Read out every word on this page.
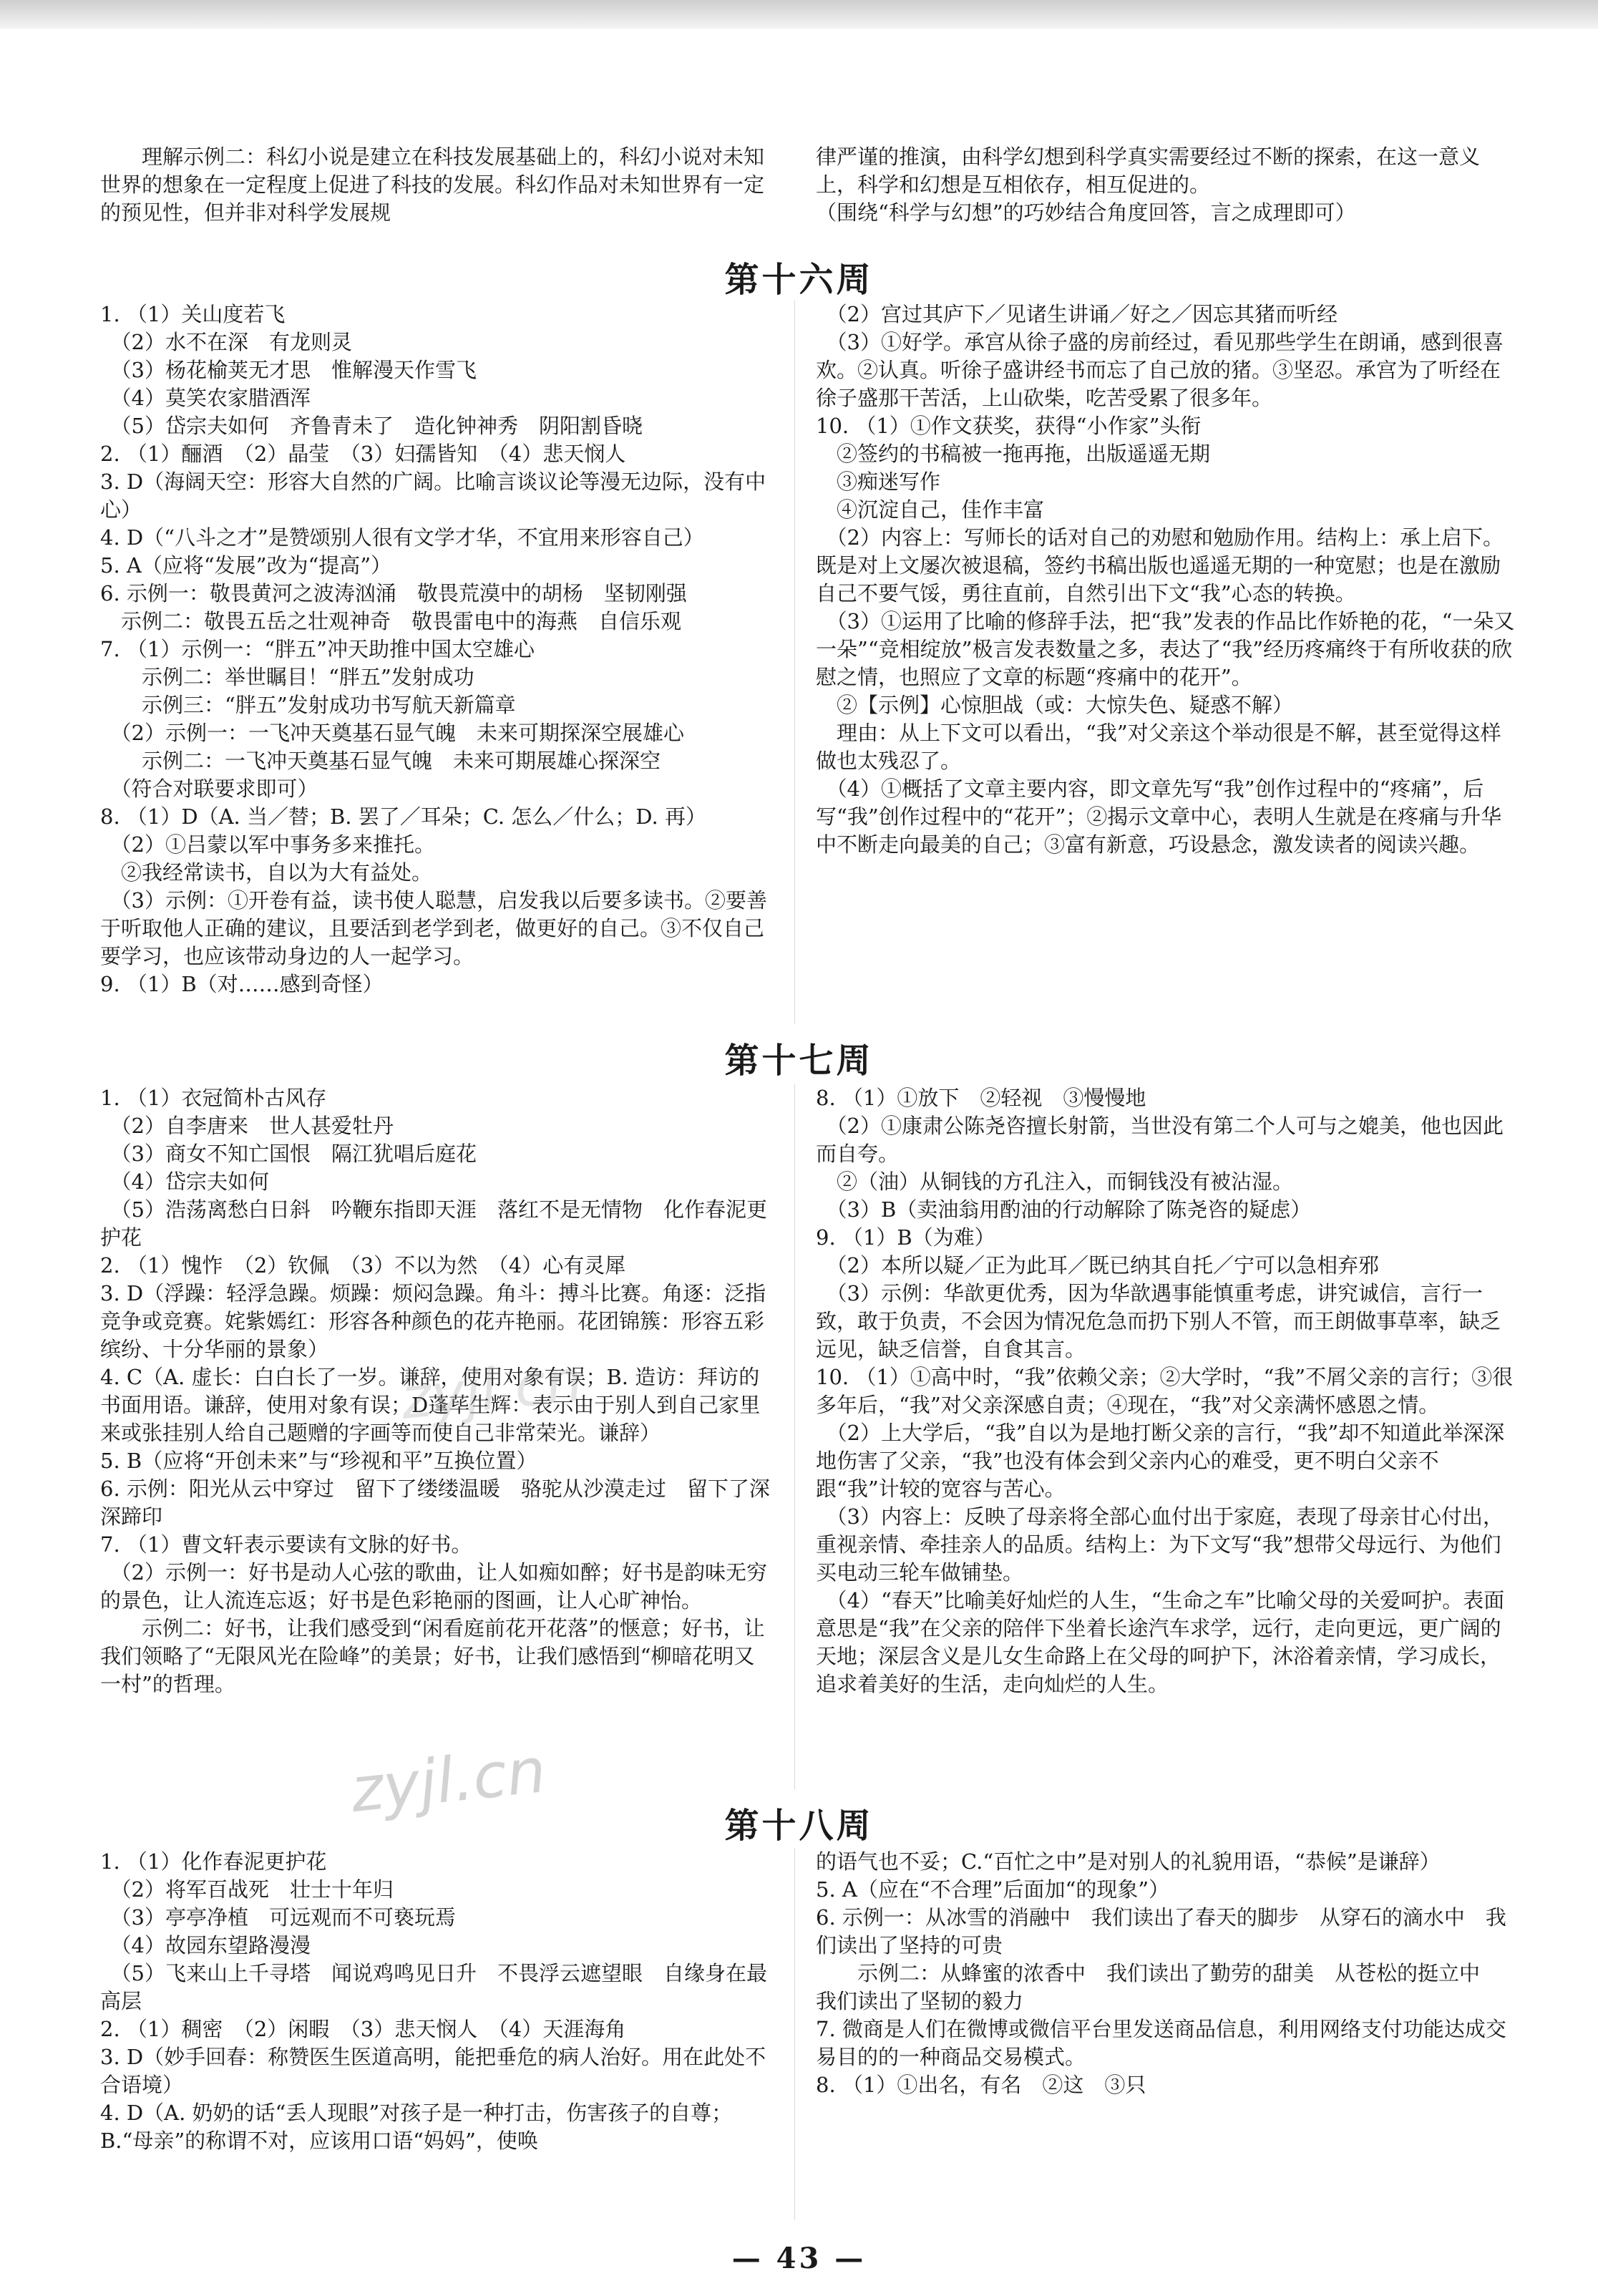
　　理解示例二：科幻小说是建立在科技发展基础上的，科幻小说对未知世界的想象在一定程度上促进了科技的发展。科幻作品对未知世界有一定的预见性，但并非对科学发展规

律严谨的推演，由科学幻想到科学真实需要经过不断的探索，在这一意义上，科学和幻想是互相依存，相互促进的。

（围绕“科学与幻想”的巧妙结合角度回答，言之成理即可）

第十六周

1. （1）关山度若飞

　（2）水不在深　有龙则灵

　（3）杨花榆荚无才思　惟解漫天作雪飞

　（4）莫笑农家腊酒浑

　（5）岱宗夫如何　齐鲁青未了　造化钟神秀　阴阳割昏晓

2. （1）酾酒　（2）晶莹　（3）妇孺皆知　（4）悲天悯人

3. D（海阔天空：形容大自然的广阔。比喻言谈议论等漫无边际，没有中心）

4. D（“八斗之才”是赞颂别人很有文学才华，不宜用来形容自己）

5. A（应将“发展”改为“提高”）

6. 示例一：敬畏黄河之波涛汹涌　敬畏荒漠中的胡杨　坚韧刚强

　示例二：敬畏五岳之壮观神奇　敬畏雷电中的海燕　自信乐观

7. （1）示例一：“胖五”冲天助推中国太空雄心

　　示例二：举世瞩目！“胖五”发射成功

　　示例三：“胖五”发射成功书写航天新篇章

　（2）示例一：一飞冲天奠基石显气魄　未来可期探深空展雄心

　　示例二：一飞冲天奠基石显气魄　未来可期展雄心探深空

　（符合对联要求即可）

8. （1）D（A. 当／替；B. 罢了／耳朵；C. 怎么／什么；D. 再）

　（2）①吕蒙以军中事务多来推托。

　②我经常读书，自以为大有益处。

　（3）示例：①开卷有益，读书使人聪慧，启发我以后要多读书。②要善于听取他人正确的建议，且要活到老学到老，做更好的自己。③不仅自己要学习，也应该带动身边的人一起学习。

9. （1）B（对……感到奇怪）

　（2）宫过其庐下／见诸生讲诵／好之／因忘其猪而听经

　（3）①好学。承宫从徐子盛的房前经过，看见那些学生在朗诵，感到很喜欢。②认真。听徐子盛讲经书而忘了自己放的猪。③坚忍。承宫为了听经在徐子盛那干苦活，上山砍柴，吃苦受累了很多年。

10. （1）①作文获奖，获得“小作家”头衔

　②签约的书稿被一拖再拖，出版遥遥无期

　③痴迷写作

　④沉淀自己，佳作丰富

　（2）内容上：写师长的话对自己的劝慰和勉励作用。结构上：承上启下。既是对上文屡次被退稿，签约书稿出版也遥遥无期的一种宽慰；也是在激励自己不要气馁，勇往直前，自然引出下文“我”心态的转换。

　（3）①运用了比喻的修辞手法，把“我”发表的作品比作娇艳的花，“一朵又一朵”“竞相绽放”极言发表数量之多，表达了“我”经历疼痛终于有所收获的欣慰之情，也照应了文章的标题“疼痛中的花开”。

　②【示例】心惊胆战（或：大惊失色、疑惑不解）

　理由：从上下文可以看出，“我”对父亲这个举动很是不解，甚至觉得这样做也太残忍了。

　（4）①概括了文章主要内容，即文章先写“我”创作过程中的“疼痛”，后写“我”创作过程中的“花开”；②揭示文章中心，表明人生就是在疼痛与升华中不断走向最美的自己；③富有新意，巧设悬念，激发读者的阅读兴趣。

第十七周

1. （1）衣冠简朴古风存

　（2）自李唐来　世人甚爱牡丹

　（3）商女不知亡国恨　隔江犹唱后庭花

　（4）岱宗夫如何

　（5）浩荡离愁白日斜　吟鞭东指即天涯　落红不是无情物　化作春泥更护花

2. （1）愧怍　（2）钦佩　（3）不以为然　（4）心有灵犀

3. D（浮躁：轻浮急躁。烦躁：烦闷急躁。角斗：搏斗比赛。角逐：泛指竞争或竞赛。姹紫嫣红：形容各种颜色的花卉艳丽。花团锦簇：形容五彩缤纷、十分华丽的景象）

4. C（A. 虚长：白白长了一岁。谦辞，使用对象有误；B. 造访：拜访的书面用语。谦辞，使用对象有误；D蓬荜生辉：表示由于别人到自己家里来或张挂别人给自己题赠的字画等而使自己非常荣光。谦辞）

5. B（应将“开创未来”与“珍视和平”互换位置）

6. 示例：阳光从云中穿过　留下了缕缕温暖　骆驼从沙漠走过　留下了深深蹄印

7. （1）曹文轩表示要读有文脉的好书。

　（2）示例一：好书是动人心弦的歌曲，让人如痴如醉；好书是韵味无穷的景色，让人流连忘返；好书是色彩艳丽的图画，让人心旷神怡。

　　示例二：好书，让我们感受到“闲看庭前花开花落”的惬意；好书，让我们领略了“无限风光在险峰”的美景；好书，让我们感悟到“柳暗花明又一村”的哲理。

8. （1）①放下　②轻视　③慢慢地

　（2）①康肃公陈尧咨擅长射箭，当世没有第二个人可与之媲美，他也因此而自夸。

　②（油）从铜钱的方孔注入，而铜钱没有被沾湿。

　（3）B（卖油翁用酌油的行动解除了陈尧咨的疑虑）

9. （1）B（为难）

　（2）本所以疑／正为此耳／既已纳其自托／宁可以急相弃邪

　（3）示例：华歆更优秀，因为华歆遇事能慎重考虑，讲究诚信，言行一致，敢于负责，不会因为情况危急而扔下别人不管，而王朗做事草率，缺乏远见，缺乏信誉，自食其言。

10. （1）①高中时，“我”依赖父亲；②大学时，“我”不屑父亲的言行；③很多年后，“我”对父亲深感自责；④现在，“我”对父亲满怀感恩之情。

　（2）上大学后，“我”自以为是地打断父亲的言行，“我”却不知道此举深深地伤害了父亲，“我”也没有体会到父亲内心的难受，更不明白父亲不跟“我”计较的宽容与苦心。

　（3）内容上：反映了母亲将全部心血付出于家庭，表现了母亲甘心付出，重视亲情、牵挂亲人的品质。结构上：为下文写“我”想带父母远行、为他们买电动三轮车做铺垫。

　（4）“春天”比喻美好灿烂的人生，“生命之车”比喻父母的关爱呵护。表面意思是“我”在父亲的陪伴下坐着长途汽车求学，远行，走向更远，更广阔的天地；深层含义是儿女生命路上在父母的呵护下，沐浴着亲情，学习成长，追求着美好的生活，走向灿烂的人生。

第十八周

1. （1）化作春泥更护花

　（2）将军百战死　壮士十年归

　（3）亭亭净植　可远观而不可亵玩焉

　（4）故园东望路漫漫

　（5）飞来山上千寻塔　闻说鸡鸣见日升　不畏浮云遮望眼　自缘身在最高层

2. （1）稠密　（2）闲暇　（3）悲天悯人　（4）天涯海角

3. D（妙手回春：称赞医生医道高明，能把垂危的病人治好。用在此处不合语境）

4. D（A. 奶奶的话“丢人现眼”对孩子是一种打击，伤害孩子的自尊；B.“母亲”的称谓不对，应该用口语“妈妈”，使唤

的语气也不妥；C.“百忙之中”是对别人的礼貌用语，“恭候”是谦辞）

5. A（应在“不合理”后面加“的现象”）

6. 示例一：从冰雪的消融中　我们读出了春天的脚步　从穿石的滴水中　我们读出了坚持的可贵

　　示例二：从蜂蜜的浓香中　我们读出了勤劳的甜美　从苍松的挺立中　我们读出了坚韧的毅力

7. 微商是人们在微博或微信平台里发送商品信息，利用网络支付功能达成交易目的的一种商品交易模式。

8. （1）①出名，有名　②这　③只

zyjl.cn
zyjl.cn
— 43 —
